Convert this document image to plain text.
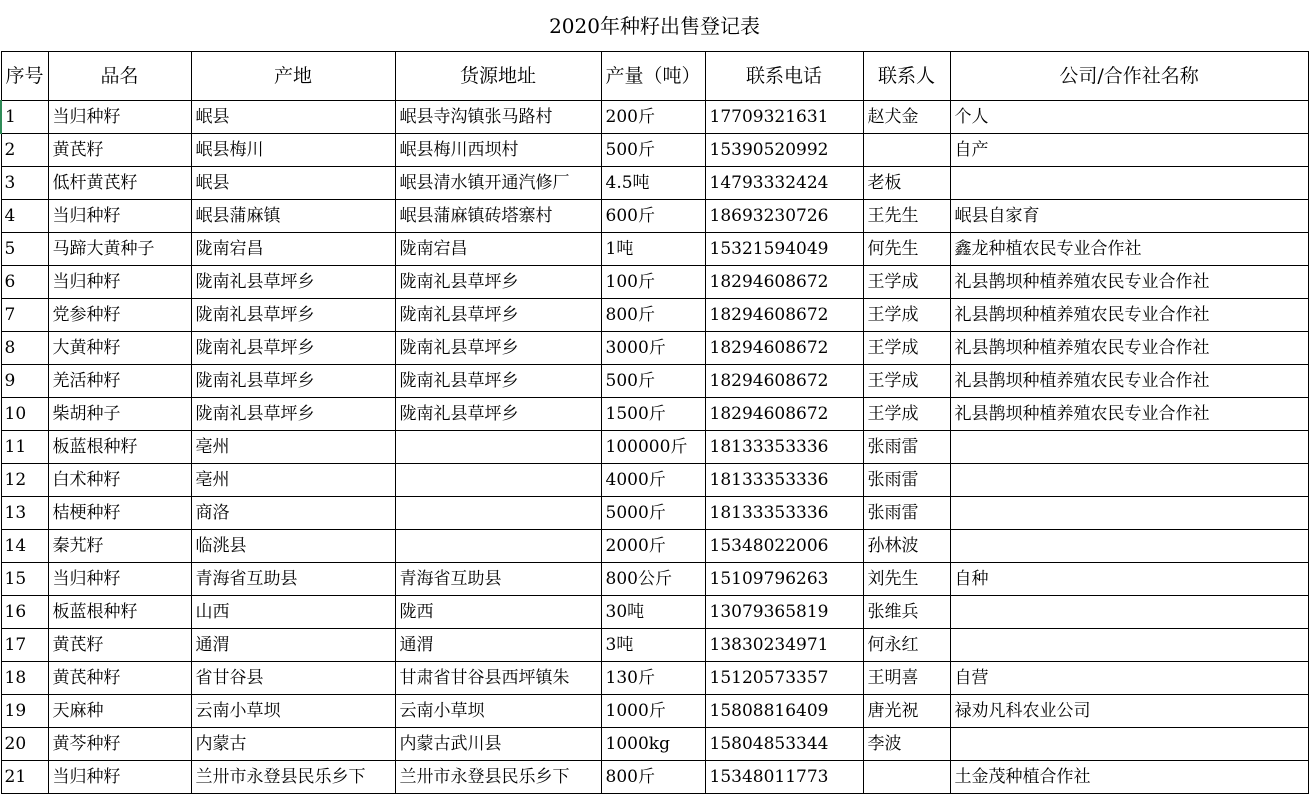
2020年种籽出售登记表							
序号	品名	产地	货源地址	产量（吨）	联系电话	联系人	公司/合作社名称
1	当归种籽	岷县	岷县寺沟镇张马路村	200斤	17709321631	赵犬金	个人
2	黄芪籽	岷县梅川	岷县梅川西坝村	500斤	15390520992		自产
3	低杆黄芪籽	岷县	岷县清水镇开通汽修厂	4.5吨	14793332424	老板	
4	当归种籽	岷县蒲麻镇	岷县蒲麻镇砖塔寨村	600斤	18693230726	王先生	岷县自家育
5	马蹄大黄种子	陇南宕昌	陇南宕昌	1吨	15321594049	何先生	鑫龙种植农民专业合作社
6	当归种籽	陇南礼县草坪乡	陇南礼县草坪乡	100斤	18294608672	王学成	礼县鹊坝种植养殖农民专业合作社
7	党参种籽	陇南礼县草坪乡	陇南礼县草坪乡	800斤	18294608672	王学成	礼县鹊坝种植养殖农民专业合作社
8	大黄种籽	陇南礼县草坪乡	陇南礼县草坪乡	3000斤	18294608672	王学成	礼县鹊坝种植养殖农民专业合作社
9	羌活种籽	陇南礼县草坪乡	陇南礼县草坪乡	500斤	18294608672	王学成	礼县鹊坝种植养殖农民专业合作社
10	柴胡种子	陇南礼县草坪乡	陇南礼县草坪乡	1500斤	18294608672	王学成	礼县鹊坝种植养殖农民专业合作社
11	板蓝根种籽	亳州		100000斤	18133353336	张雨雷	
12	白术种籽	亳州		4000斤	18133353336	张雨雷	
13	桔梗种籽	商洛		5000斤	18133353336	张雨雷	
14	秦艽籽	临洮县		2000斤	15348022006	孙林波	
15	当归种籽	青海省互助县	青海省互助县	800公斤	15109796263	刘先生	自种
16	板蓝根种籽	山西	陇西	30吨	13079365819	张维兵	
17	黄芪籽	通渭	通渭	3吨	13830234971	何永红	
18	黄芪种籽	省甘谷县	甘肃省甘谷县西坪镇朱	130斤	15120573357	王明喜	自营
19	天麻种	云南小草坝	云南小草坝	1000斤	15808816409	唐光祝	禄劝凡科农业公司
20	黄芩种籽	内蒙古	内蒙古武川县	1000kg	15804853344	李波	
21	当归种籽	兰卅市永登县民乐乡下	兰卅市永登县民乐乡下	800斤	15348011773		土金茂种植合作社
